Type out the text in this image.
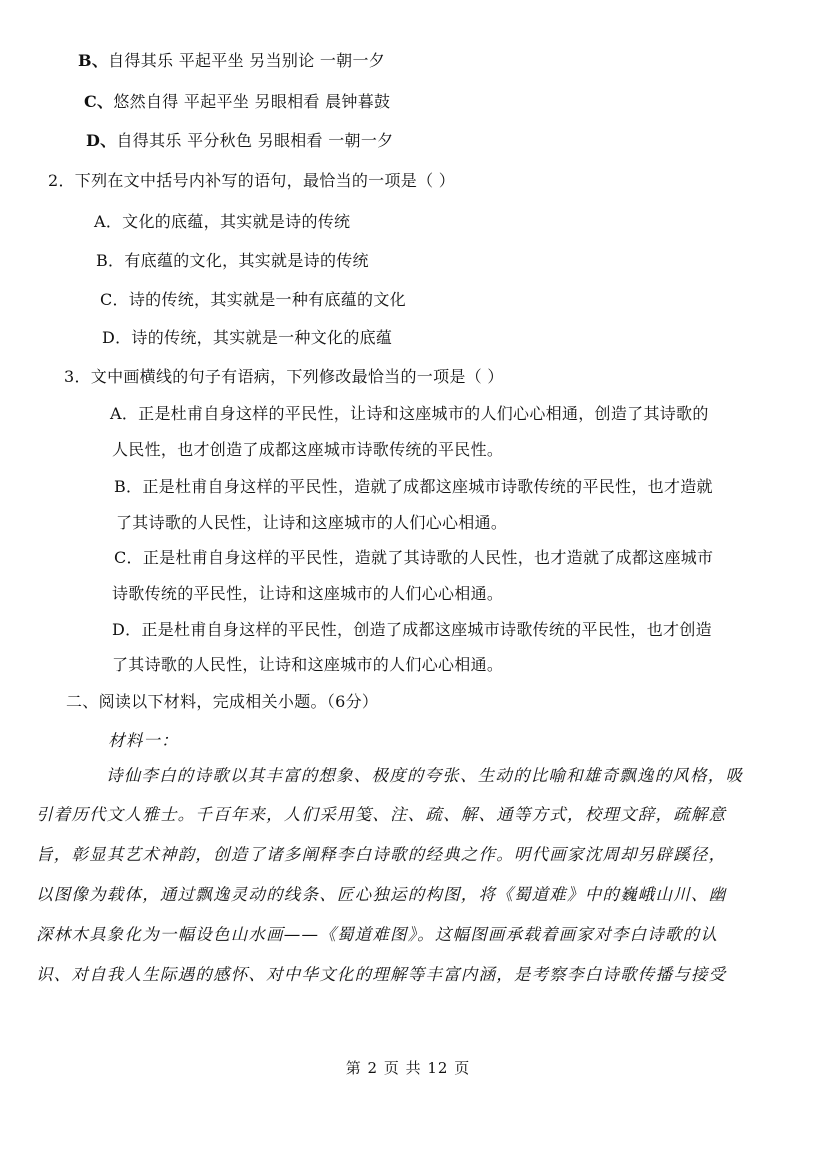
B、自得其乐 平起平坐 另当别论 一朝一夕
C、悠然自得 平起平坐 另眼相看 晨钟暮鼓
D、自得其乐 平分秋色 另眼相看 一朝一夕
2．下列在文中括号内补写的语句，最恰当的一项是（ ）
A．文化的底蕴，其实就是诗的传统
B．有底蕴的文化，其实就是诗的传统
C．诗的传统，其实就是一种有底蕴的文化
D．诗的传统，其实就是一种文化的底蕴
3．文中画横线的句子有语病，下列修改最恰当的一项是（ ）
A．正是杜甫自身这样的平民性，让诗和这座城市的人们心心相通，创造了其诗歌的
人民性，也才创造了成都这座城市诗歌传统的平民性。
B．正是杜甫自身这样的平民性，造就了成都这座城市诗歌传统的平民性，也才造就
了其诗歌的人民性，让诗和这座城市的人们心心相通。
C．正是杜甫自身这样的平民性，造就了其诗歌的人民性，也才造就了成都这座城市
诗歌传统的平民性，让诗和这座城市的人们心心相通。
D．正是杜甫自身这样的平民性，创造了成都这座城市诗歌传统的平民性，也才创造
了其诗歌的人民性，让诗和这座城市的人们心心相通。
二、阅读以下材料，完成相关小题。（6分）
材料一：
诗仙李白的诗歌以其丰富的想象、极度的夸张、生动的比喻和雄奇飘逸的风格，吸
引着历代文人雅士。千百年来，人们采用笺、注、疏、解、通等方式，校理文辞，疏解意
旨，彰显其艺术神韵，创造了诸多阐释李白诗歌的经典之作。明代画家沈周却另辟蹊径，
以图像为载体，通过飘逸灵动的线条、匠心独运的构图，将《蜀道难》中的巍峨山川、幽
深林木具象化为一幅设色山水画——《蜀道难图》。这幅图画承载着画家对李白诗歌的认
识、对自我人生际遇的感怀、对中华文化的理解等丰富内涵，是考察李白诗歌传播与接受
第 2 页 共 12 页
